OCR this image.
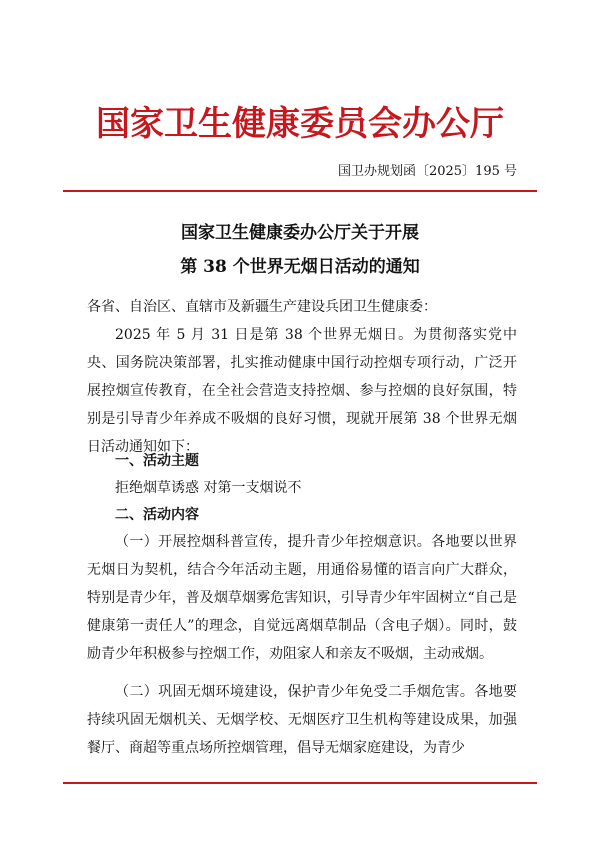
国家卫生健康委员会办公厅
国卫办规划函〔2025〕195 号
国家卫生健康委办公厅关于开展
第 38 个世界无烟日活动的通知

各省、自治区、直辖市及新疆生产建设兵团卫生健康委：

2025 年 5 月 31 日是第 38 个世界无烟日。为贯彻落实党中央、国务院决策部署，扎实推动健康中国行动控烟专项行动，广泛开展控烟宣传教育，在全社会营造支持控烟、参与控烟的良好氛围，特别是引导青少年养成不吸烟的良好习惯，现就开展第 38 个世界无烟日活动通知如下：

一、活动主题

拒绝烟草诱惑 对第一支烟说不

二、活动内容

（一）开展控烟科普宣传，提升青少年控烟意识。各地要以世界无烟日为契机，结合今年活动主题，用通俗易懂的语言向广大群众，特别是青少年，普及烟草烟雾危害知识，引导青少年牢固树立“自己是健康第一责任人”的理念，自觉远离烟草制品（含电子烟）。同时，鼓励青少年积极参与控烟工作，劝阻家人和亲友不吸烟，主动戒烟。

（二）巩固无烟环境建设，保护青少年免受二手烟危害。各地要持续巩固无烟机关、无烟学校、无烟医疗卫生机构等建设成果，加强餐厅、商超等重点场所控烟管理，倡导无烟家庭建设，为青少
